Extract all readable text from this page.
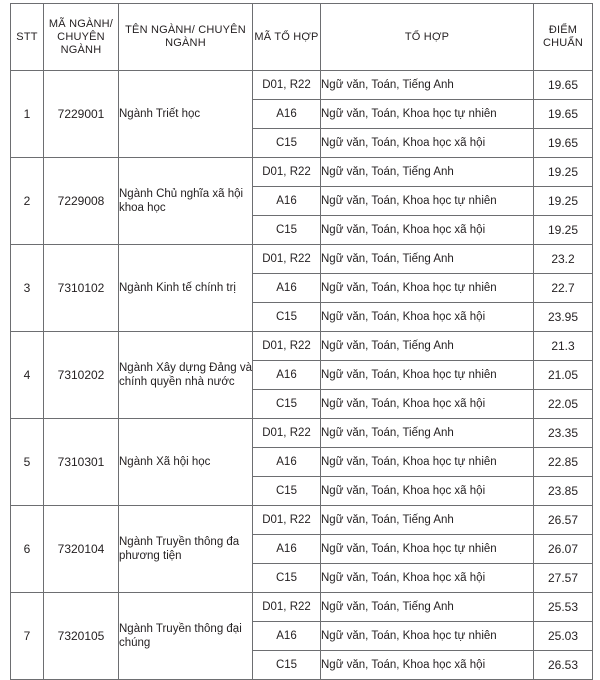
STT	MÃ NGÀNH/ CHUYÊN NGÀNH	TÊN NGÀNH/ CHUYÊN NGÀNH	MÃ TỔ HỢP	TỔ HỢP	ĐIỂM CHUẨN
1	7229001	Ngành Triết học	D01, R22	Ngữ văn, Toán, Tiếng Anh	19.65
			A16	Ngữ văn, Toán, Khoa học tự nhiên	19.65
			C15	Ngữ văn, Toán, Khoa học xã hội	19.65
2	7229008	Ngành Chủ nghĩa xã hội khoa học	D01, R22	Ngữ văn, Toán, Tiếng Anh	19.25
			A16	Ngữ văn, Toán, Khoa học tự nhiên	19.25
			C15	Ngữ văn, Toán, Khoa học xã hội	19.25
3	7310102	Ngành Kinh tế chính trị	D01, R22	Ngữ văn, Toán, Tiếng Anh	23.2
			A16	Ngữ văn, Toán, Khoa học tự nhiên	22.7
			C15	Ngữ văn, Toán, Khoa học xã hội	23.95
4	7310202	Ngành Xây dựng Đảng và chính quyền nhà nước	D01, R22	Ngữ văn, Toán, Tiếng Anh	21.3
			A16	Ngữ văn, Toán, Khoa học tự nhiên	21.05
			C15	Ngữ văn, Toán, Khoa học xã hội	22.05
5	7310301	Ngành Xã hội học	D01, R22	Ngữ văn, Toán, Tiếng Anh	23.35
			A16	Ngữ văn, Toán, Khoa học tự nhiên	22.85
			C15	Ngữ văn, Toán, Khoa học xã hội	23.85
6	7320104	Ngành Truyền thông đa phương tiện	D01, R22	Ngữ văn, Toán, Tiếng Anh	26.57
			A16	Ngữ văn, Toán, Khoa học tự nhiên	26.07
			C15	Ngữ văn, Toán, Khoa học xã hội	27.57
7	7320105	Ngành Truyền thông đại chúng	D01, R22	Ngữ văn, Toán, Tiếng Anh	25.53
			A16	Ngữ văn, Toán, Khoa học tự nhiên	25.03
			C15	Ngữ văn, Toán, Khoa học xã hội	26.53
